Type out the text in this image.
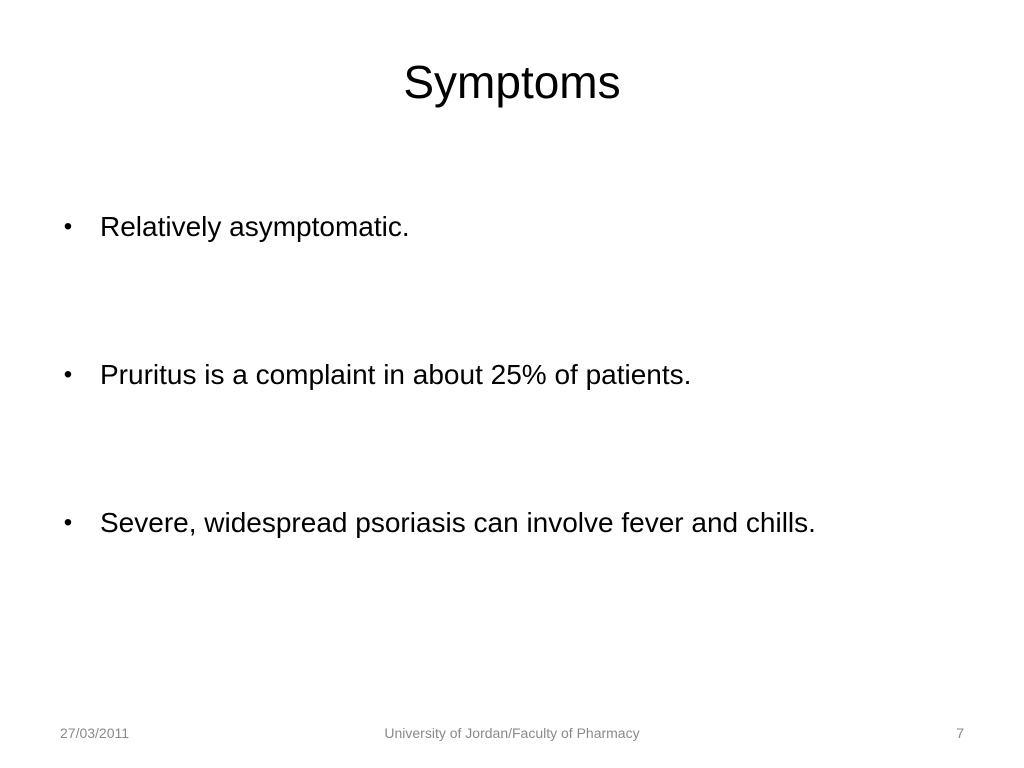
Symptoms
• Relatively asymptomatic.
• Pruritus is a complaint in about 25% of patients.
• Severe, widespread psoriasis can involve fever and chills.
University of Jordan/Faculty of Pharmacy
27/03/2011	7
